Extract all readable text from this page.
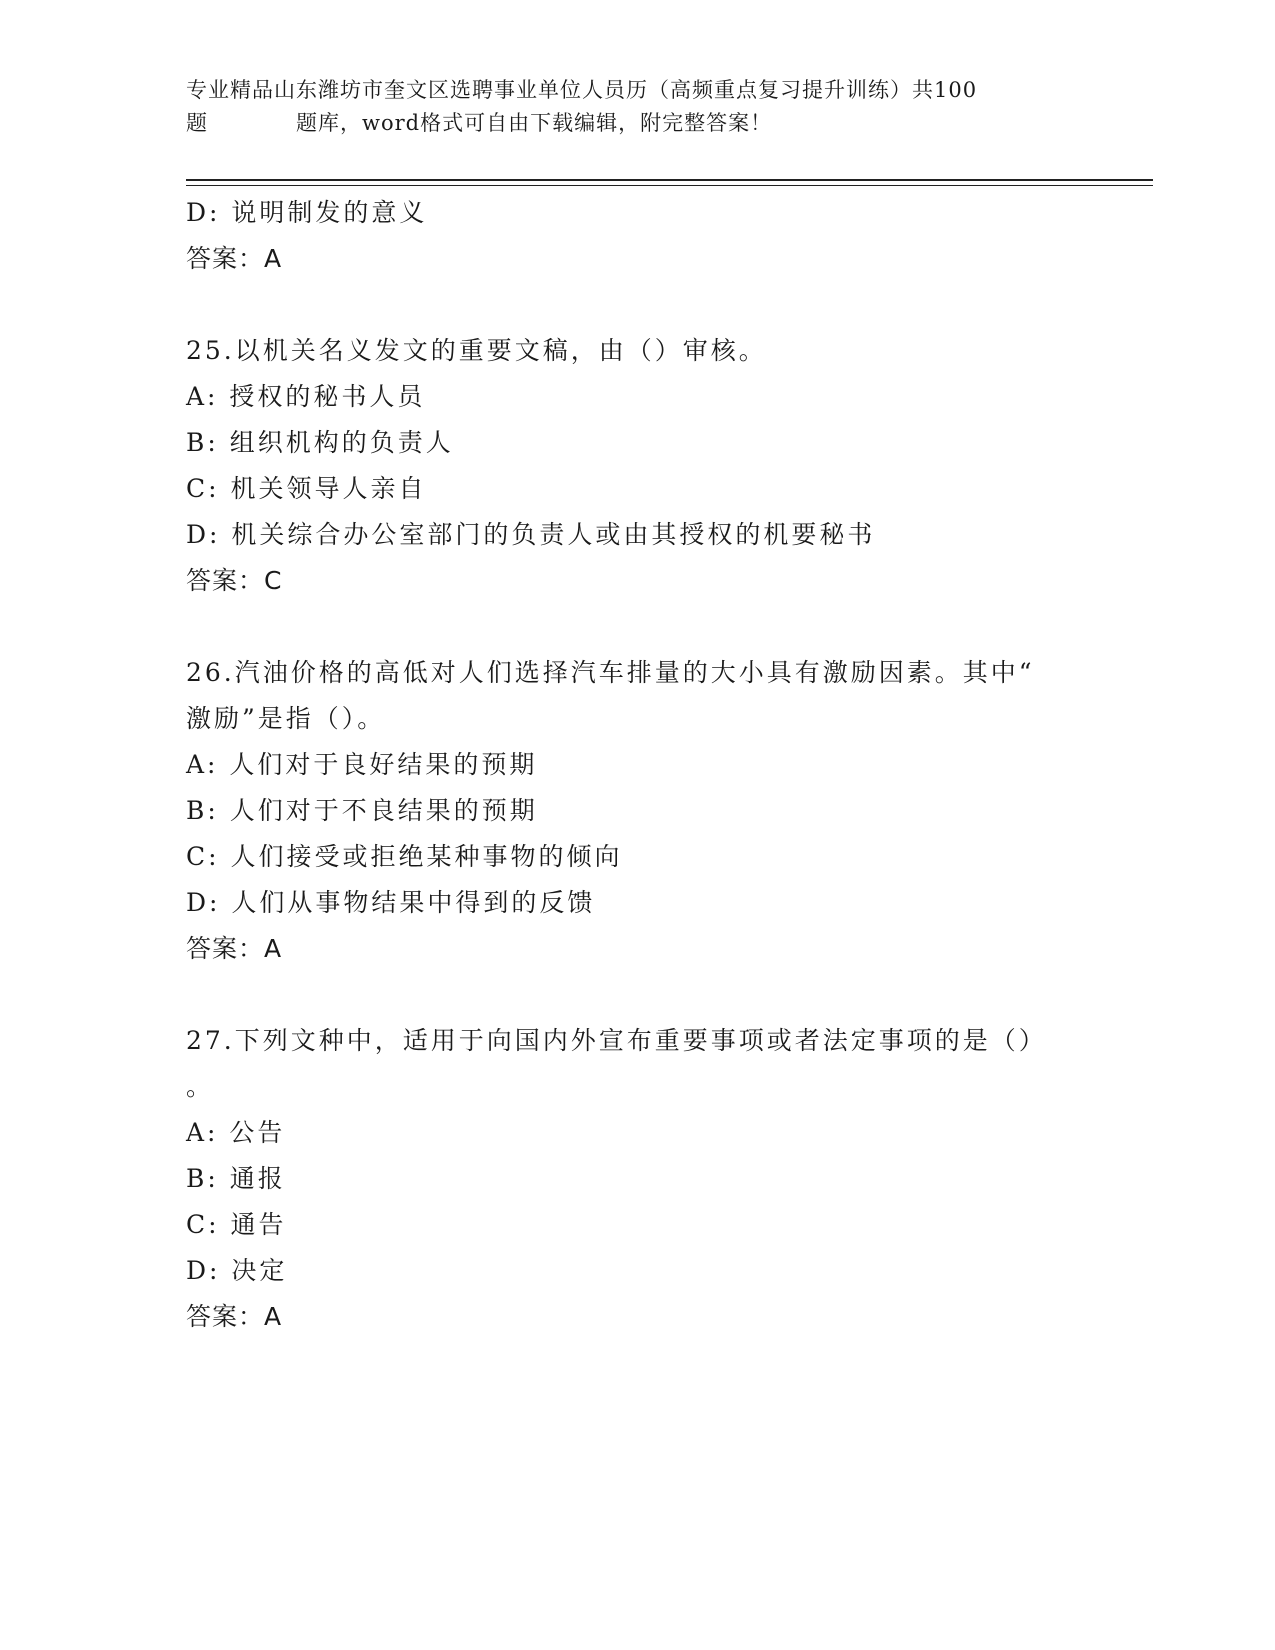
专业精品山东潍坊市奎文区选聘事业单位人员历（高频重点复习提升训练）共100
题	题库，word格式可自由下载编辑，附完整答案！
D: 说明制发的意义
答案：A
25.以机关名义发文的重要文稿，由（）审核。
A: 授权的秘书人员
B: 组织机构的负责人
C: 机关领导人亲自
D: 机关综合办公室部门的负责人或由其授权的机要秘书
答案：C
26.汽油价格的高低对人们选择汽车排量的大小具有激励因素。其中“
激励”是指（）。
A: 人们对于良好结果的预期
B: 人们对于不良结果的预期
C: 人们接受或拒绝某种事物的倾向
D: 人们从事物结果中得到的反馈
答案：A
27.下列文种中，适用于向国内外宣布重要事项或者法定事项的是（）
。
A: 公告
B: 通报
C: 通告
D: 决定
答案：A
